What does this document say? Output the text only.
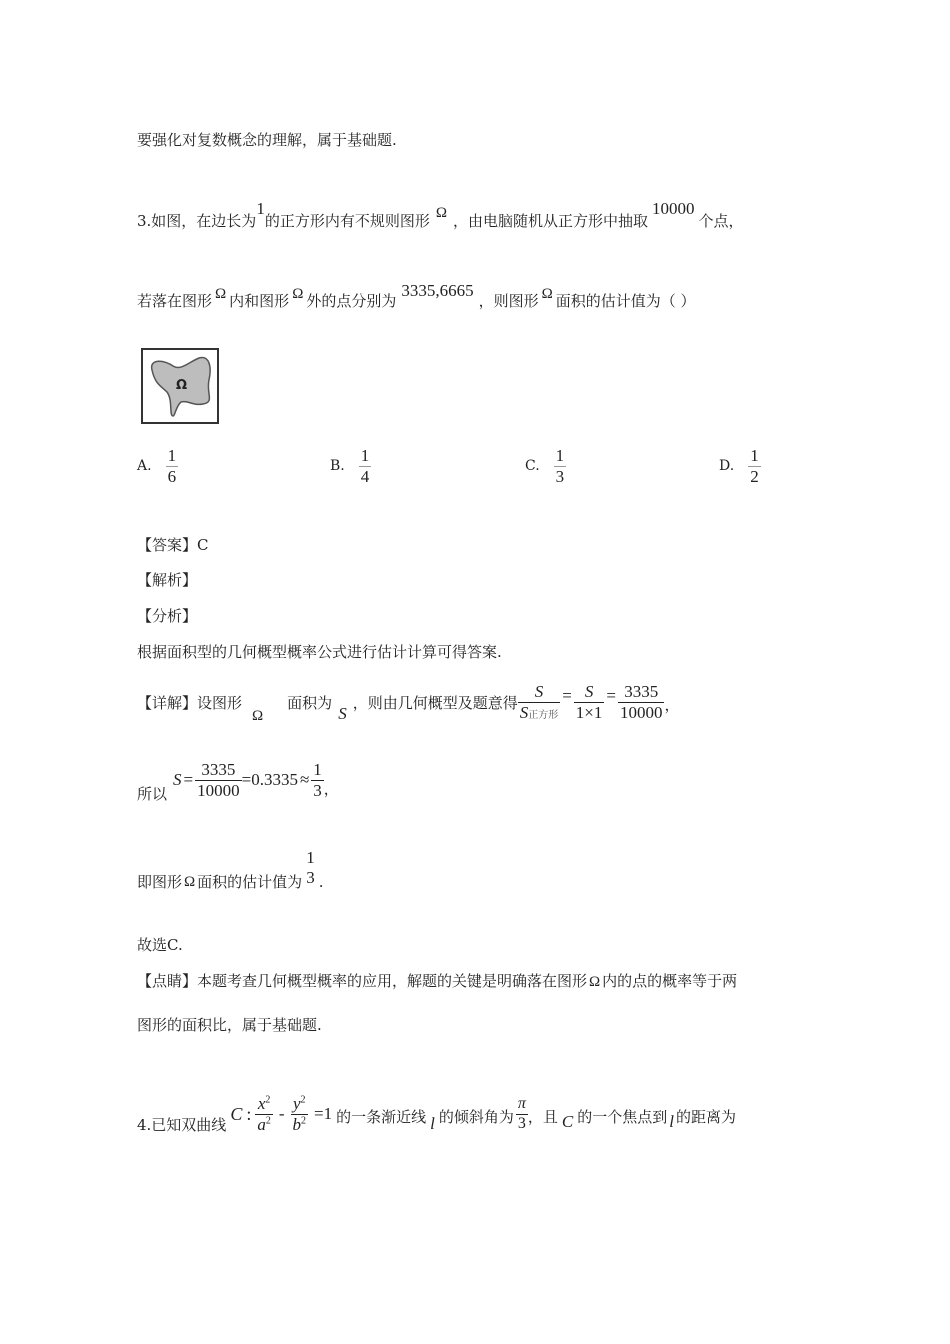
要强化对复数概念的理解，属于基础题.
3.如图，在边长为1的正方形内有不规则图形 Ω ，由电脑随机从正方形中抽取10000个点，
若落在图形 Ω 内和图形 Ω 外的点分别为3335,6665，则图形 Ω 面积的估计值为（ ）
Ω
A. $\frac{1}{6}$	B. $\frac{1}{4}$	C. $\frac{1}{3}$	D. $\frac{1}{2}$
【答案】C
【解析】
【分析】
根据面积型的几何概型概率公式进行估计计算可得答案.
【详解】设图形
Ω
面积为
S
，则由几何概型及题意得 $\frac{S}{\text{S正方形}} = \frac{S}{1\times 1} = \frac{3335}{10000}$ ，
所以
$S = \frac{3335}{10000} =0.3335 \approx \frac{1}{3}$ ，
即图形 Ω 面积的估计值为
1
3 .
故选C.
【点睛】本题考查几何概型概率的应用，解题的关键是明确落在图形 Ω 内的点的概率等于两
图形的面积比，属于基础题.
4.已知双曲线
C : $\frac{x^2}{a^2} - \frac{y^2}{b^2} =1$ 的一条渐近线 l 的倾斜角为 $\frac{\pi}{3}$ ，且 C 的一个焦点到 l 的距离为
